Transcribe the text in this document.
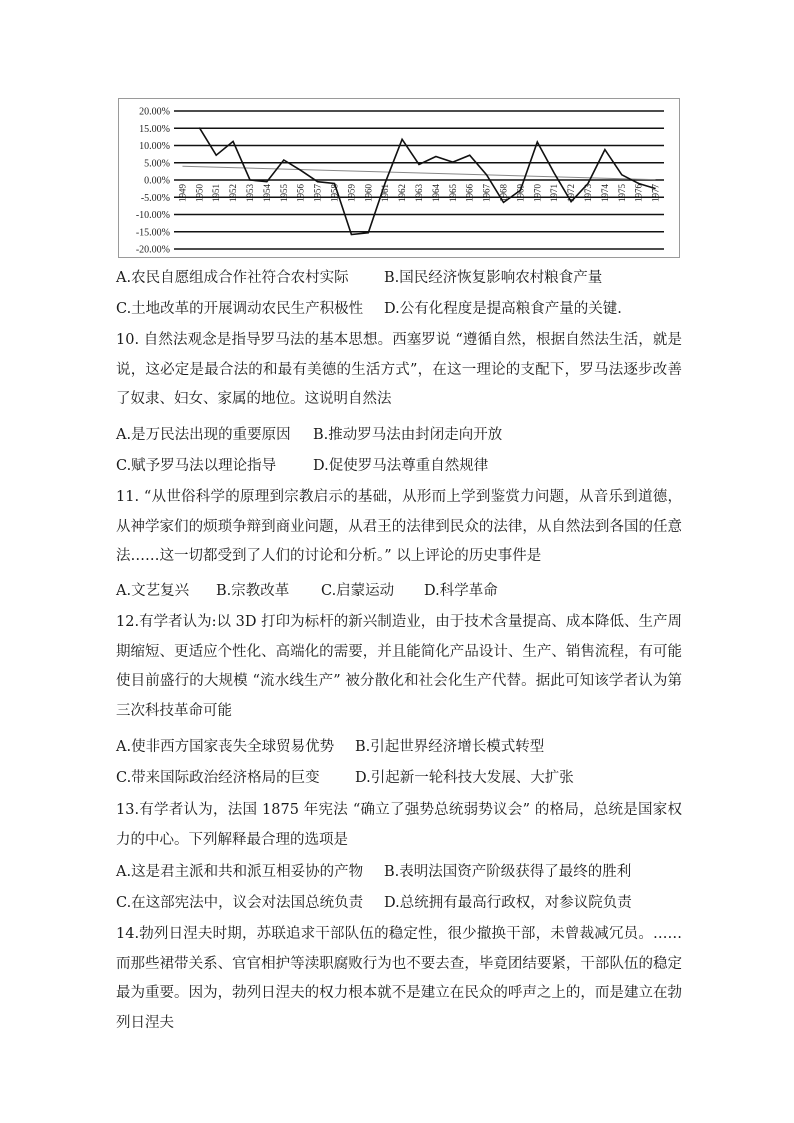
20.00%
15.00%
10.00%
5.00%
0.00%
-5.00%
-10.00%
-15.00%
-20.00%
1949 1950 1951 1952 1953 1954 1955 1956 1957 1958 1959 1960 1961 1962 1963 1964 1965 1966 1967 1968 1969 1970 1971 1972 1973 1974 1975 1976 1977
A.农民自愿组成合作社符合农村实际 B.国民经济恢复影响农村粮食产量
C.土地改革的开展调动农民生产积极性 D.公有化程度是提高粮食产量的关键.
10. 自然法观念是指导罗马法的基本思想。西塞罗说 “遵循自然，根据自然法生活，就是说，这必定是最合法的和最有美德的生活方式”，在这一理论的支配下，罗马法逐步改善了奴隶、妇女、家属的地位。这说明自然法
A.是万民法出现的重要原因 B.推动罗马法由封闭走向开放
C.赋予罗马法以理论指导	D.促使罗马法尊重自然规律
11. “从世俗科学的原理到宗教启示的基础，从形而上学到鉴赏力问题，从音乐到道德，从神学家们的烦琐争辩到商业问题，从君王的法律到民众的法律，从自然法到各国的任意法……这一切都受到了人们的讨论和分析。” 以上评论的历史事件是
A.文艺复兴 B.宗教改革 C.启蒙运动 D.科学革命
12.有学者认为:以 3D 打印为标杆的新兴制造业，由于技术含量提高、成本降低、生产周期缩短、更适应个性化、高端化的需要，并且能简化产品设计、生产、销售流程，有可能使目前盛行的大规模 “流水线生产” 被分散化和社会化生产代替。据此可知该学者认为第三次科技革命可能
A.使非西方国家丧失全球贸易优势 B.引起世界经济增长模式转型
C.带来国际政治经济格局的巨变 D.引起新一轮科技大发展、大扩张
13.有学者认为，法国 1875 年宪法 “确立了强势总统弱势议会” 的格局，总统是国家权力的中心。下列解释最合理的选项是
A.这是君主派和共和派互相妥协的产物 B.表明法国资产阶级获得了最终的胜利
C.在这部宪法中，议会对法国总统负责 D.总统拥有最高行政权，对参议院负责
14.勃列日涅夫时期，苏联追求干部队伍的稳定性，很少撤换干部，未曾裁减冗员。……而那些裙带关系、官官相护等渎职腐败行为也不要去查，毕竟团结要紧，干部队伍的稳定最为重要。因为，勃列日涅夫的权力根本就不是建立在民众的呼声之上的，而是建立在勃列日涅夫
